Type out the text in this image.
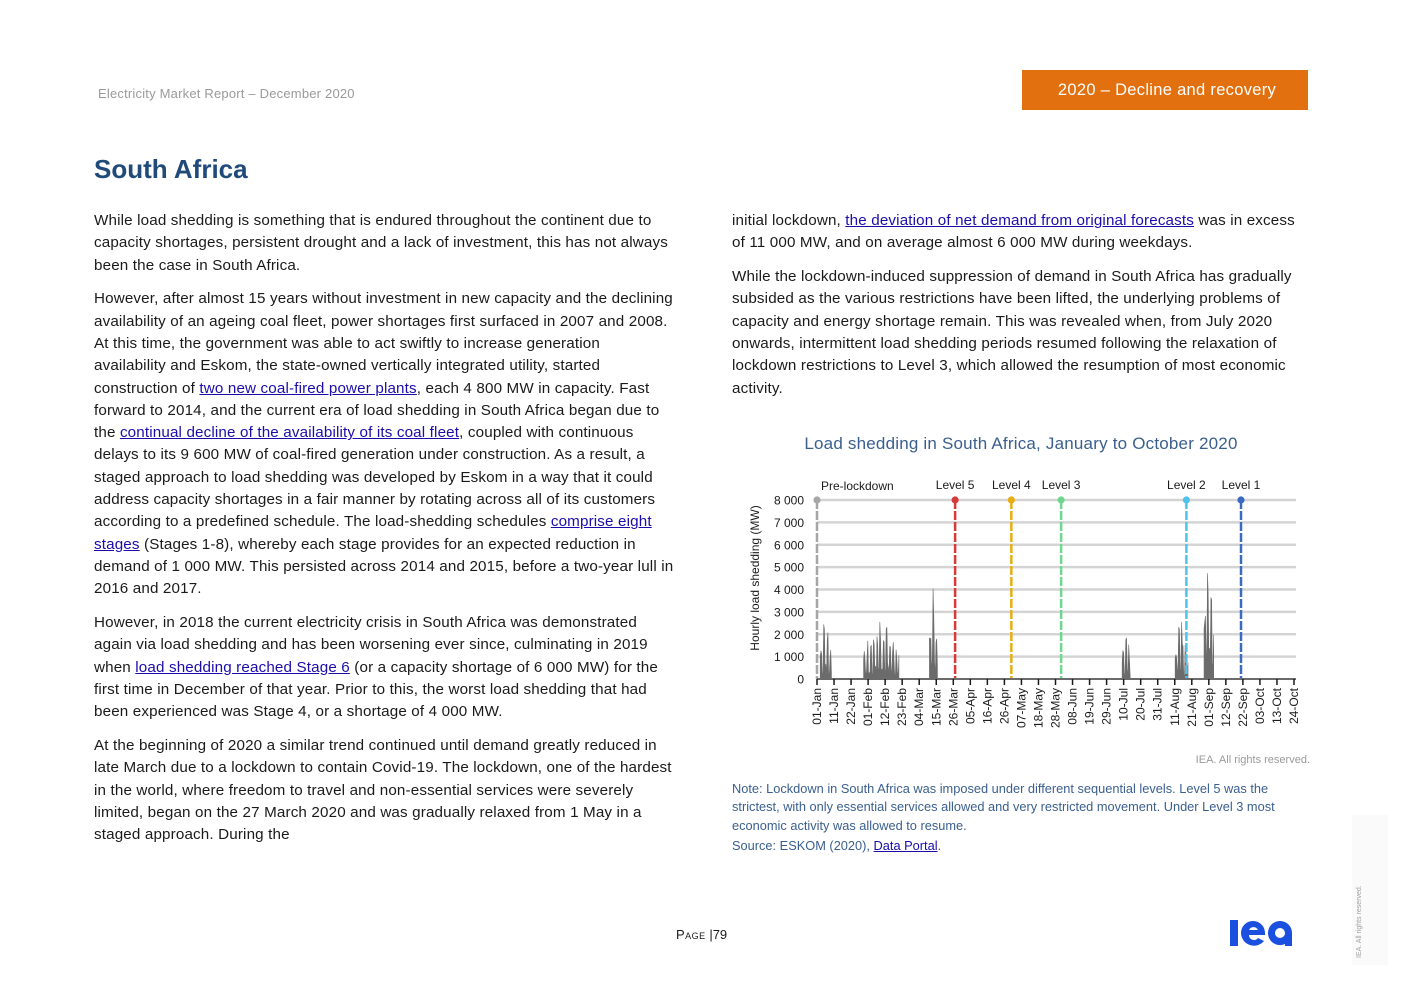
Electricity Market Report – December 2020	2020 – Decline and recovery
South Africa

While load shedding is something that is endured throughout the continent due to capacity shortages, persistent drought and a lack of investment, this has not always been the case in South Africa.

However, after almost 15 years without investment in new capacity and the declining availability of an ageing coal fleet, power shortages first surfaced in 2007 and 2008. At this time, the government was able to act swiftly to increase generation availability and Eskom, the state-owned vertically integrated utility, started construction of two new coal-fired power plants, each 4 800 MW in capacity. Fast forward to 2014, and the current era of load shedding in South Africa began due to the continual decline of the availability of its coal fleet, coupled with continuous delays to its 9 600 MW of coal-fired generation under construction. As a result, a staged approach to load shedding was developed by Eskom in a way that it could address capacity shortages in a fair manner by rotating across all of its customers according to a predefined schedule. The load-shedding schedules comprise eight stages (Stages 1-8), whereby each stage provides for an expected reduction in demand of 1 000 MW. This persisted across 2014 and 2015, before a two-year lull in 2016 and 2017.

However, in 2018 the current electricity crisis in South Africa was demonstrated again via load shedding and has been worsening ever since, culminating in 2019 when load shedding reached Stage 6 (or a capacity shortage of 6 000 MW) for the first time in December of that year. Prior to this, the worst load shedding that had been experienced was Stage 4, or a shortage of 4 000 MW.

At the beginning of 2020 a similar trend continued until demand greatly reduced in late March due to a lockdown to contain Covid-19. The lockdown, one of the hardest in the world, where freedom to travel and non-essential services were severely limited, began on the 27 March 2020 and was gradually relaxed from 1 May in a staged approach. During the

initial lockdown, the deviation of net demand from original forecasts was in excess of 11 000 MW, and on average almost 6 000 MW during weekdays.

While the lockdown-induced suppression of demand in South Africa has gradually subsided as the various restrictions have been lifted, the underlying problems of capacity and energy shortage remain. This was revealed when, from July 2020 onwards, intermittent load shedding periods resumed following the relaxation of lockdown restrictions to Level 3, which allowed the resumption of most economic activity.

Load shedding in South Africa, January to October 2020
0
1 000
2 000
3 000
4 000
5 000
6 000
7 000
8 000
Hourly load shedding (MW)
Pre-lockdown	Level 5 Level 4 Level 3	Level 2 Level 1
01-Jan 11-Jan 22-Jan 01-Feb 12-Feb 23-Feb 04-Mar 15-Mar 26-Mar 05-Apr 16-Apr 26-Apr 07-May 18-May 28-May 08-Jun 19-Jun 29-Jun 10-Jul 20-Jul 31-Jul 11-Aug 21-Aug 01-Sep 12-Sep 22-Sep 03-Oct 13-Oct 24-Oct
IEA. All rights reserved.
Note: Lockdown in South Africa was imposed under different sequential levels. Level 5 was the strictest, with only essential services allowed and very restricted movement. Under Level 3 most economic activity was allowed to resume.
Source: ESKOM (2020), Data Portal.
Page |79	IEA. All rights reserved.
